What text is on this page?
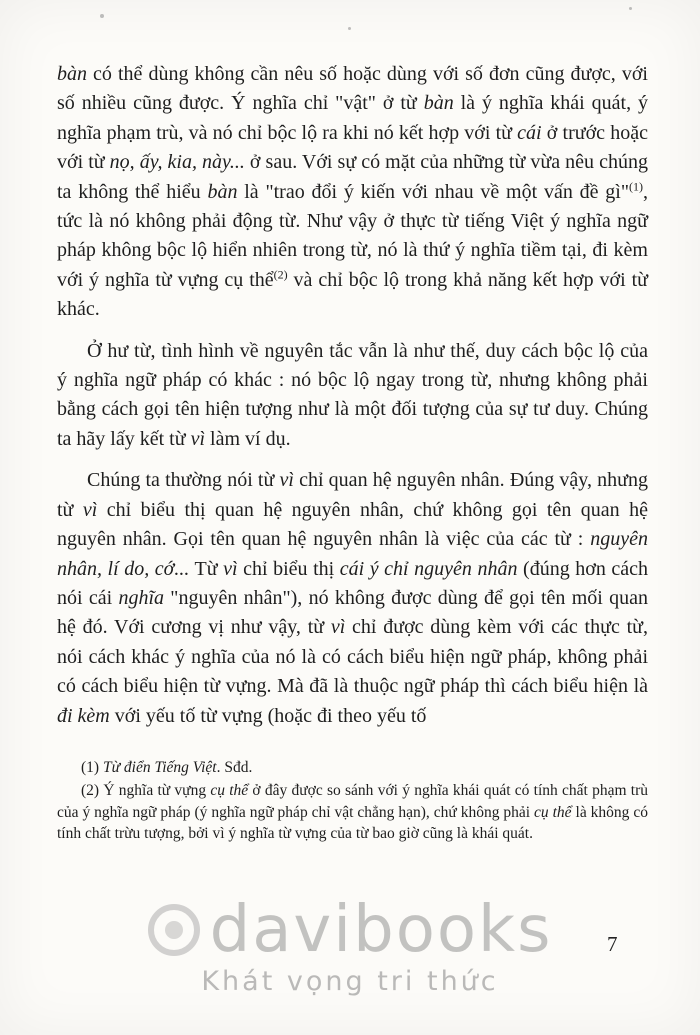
bàn có thể dùng không cần nêu số hoặc dùng với số đơn cũng được, với số nhiều cũng được. Ý nghĩa chỉ "vật" ở từ bàn là ý nghĩa khái quát, ý nghĩa phạm trù, và nó chỉ bộc lộ ra khi nó kết hợp với từ cái ở trước hoặc với từ nọ, ấy, kia, này... ở sau. Với sự có mặt của những từ vừa nêu chúng ta không thể hiểu bàn là "trao đổi ý kiến với nhau về một vấn đề gì"$^{(1)}$, tức là nó không phải động từ. Như vậy ở thực từ tiếng Việt ý nghĩa ngữ pháp không bộc lộ hiển nhiên trong từ, nó là thứ ý nghĩa tiềm tại, đi kèm với ý nghĩa từ vựng cụ thể$^{(2)}$ và chỉ bộc lộ trong khả năng kết hợp với từ khác.

Ở hư từ, tình hình về nguyên tắc vẫn là như thế, duy cách bộc lộ của ý nghĩa ngữ pháp có khác : nó bộc lộ ngay trong từ, nhưng không phải bằng cách gọi tên hiện tượng như là một đối tượng của sự tư duy. Chúng ta hãy lấy kết từ vì làm ví dụ.

Chúng ta thường nói từ vì chỉ quan hệ nguyên nhân. Đúng vậy, nhưng từ vì chỉ biểu thị quan hệ nguyên nhân, chứ không gọi tên quan hệ nguyên nhân. Gọi tên quan hệ nguyên nhân là việc của các từ : nguyên nhân, lí do, cớ... Từ vì chỉ biểu thị cái ý chỉ nguyên nhân (đúng hơn cách nói cái nghĩa "nguyên nhân"), nó không được dùng để gọi tên mối quan hệ đó. Với cương vị như vậy, từ vì chỉ được dùng kèm với các thực từ, nói cách khác ý nghĩa của nó là có cách biểu hiện ngữ pháp, không phải có cách biểu hiện từ vựng. Mà đã là thuộc ngữ pháp thì cách biểu hiện là đi kèm với yếu tố từ vựng (hoặc đi theo yếu tố

(1) Từ điển Tiếng Việt. Sđd.

(2) Ý nghĩa từ vựng cụ thể ở đây được so sánh với ý nghĩa khái quát có tính chất phạm trù của ý nghĩa ngữ pháp (ý nghĩa ngữ pháp chỉ vật chẳng hạn), chứ không phải cụ thể là không có tính chất trừu tượng, bởi vì ý nghĩa từ vựng của từ bao giờ cũng là khái quát.

7
davibooks
Khát vọng tri thức
